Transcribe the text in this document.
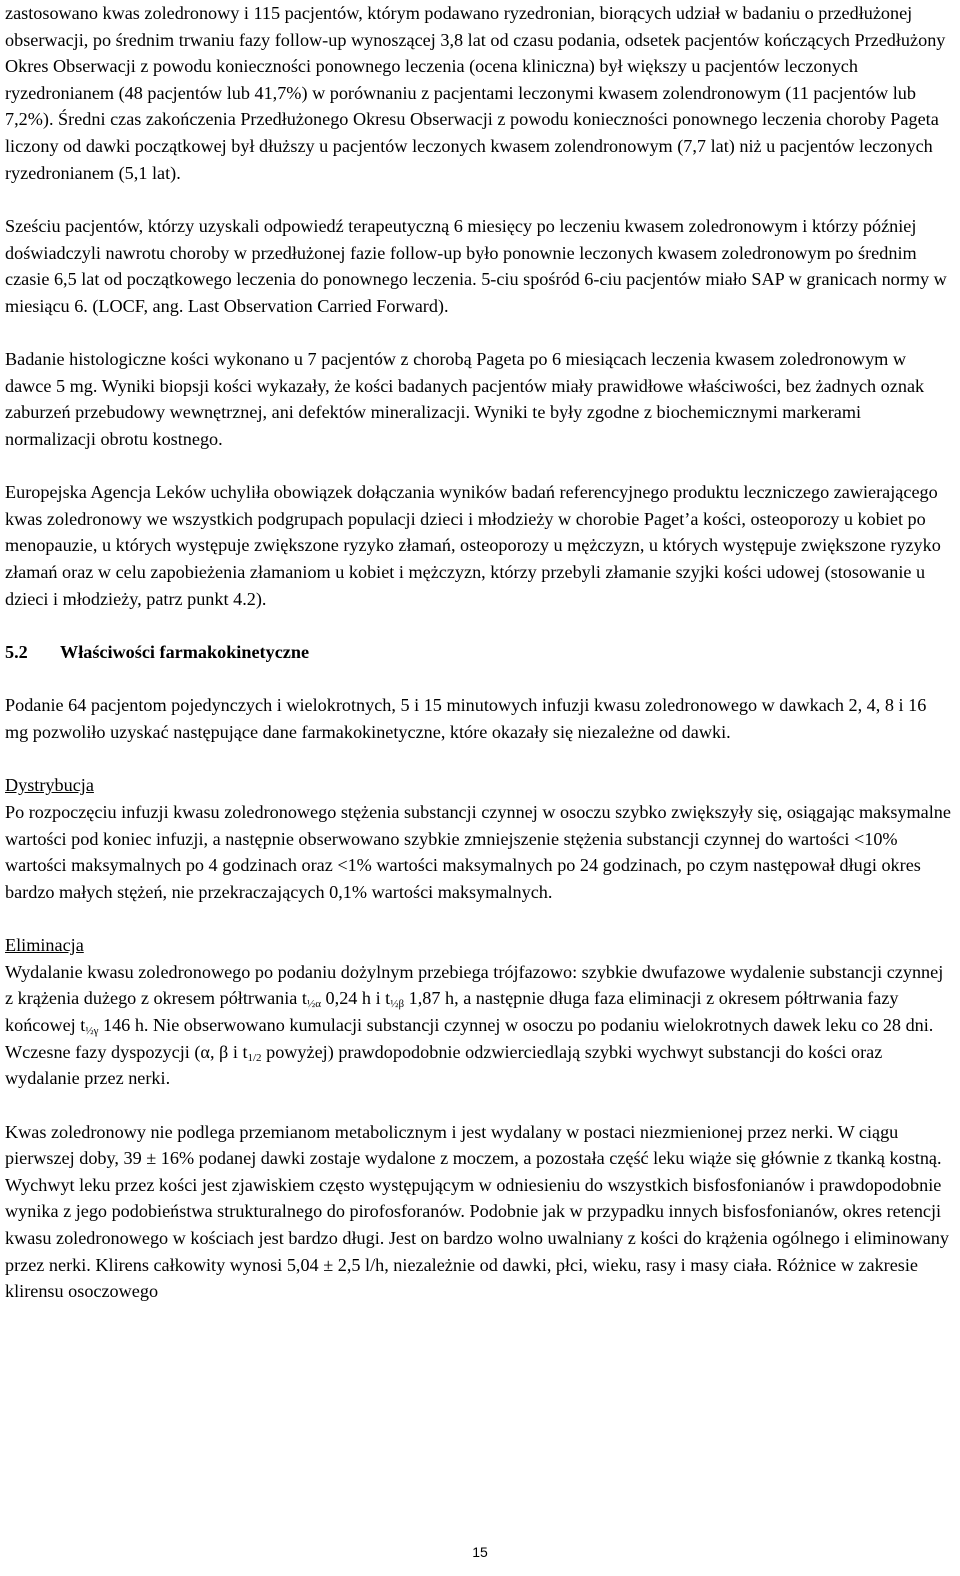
zastosowano kwas zoledronowy i 115 pacjentów, którym podawano ryzedronian, biorących udział w badaniu o przedłużonej obserwacji, po średnim trwaniu fazy follow-up wynoszącej 3,8 lat od czasu podania, odsetek pacjentów kończących Przedłużony Okres Obserwacji z powodu konieczności ponownego leczenia (ocena kliniczna) był większy u pacjentów leczonych ryzedronianem (48 pacjentów lub 41,7%) w porównaniu z pacjentami leczonymi kwasem zolendronowym (11 pacjentów lub 7,2%). Średni czas zakończenia Przedłużonego Okresu Obserwacji z powodu konieczności ponownego leczenia choroby Pageta liczony od dawki początkowej był dłuższy u pacjentów leczonych kwasem zolendronowym (7,7 lat) niż u pacjentów leczonych ryzedronianem (5,1 lat).

Sześciu pacjentów, którzy uzyskali odpowiedź terapeutyczną 6 miesięcy po leczeniu kwasem zoledronowym i którzy później doświadczyli nawrotu choroby w przedłużonej fazie follow-up było ponownie leczonych kwasem zoledronowym po średnim czasie 6,5 lat od początkowego leczenia do ponownego leczenia. 5-ciu spośród 6-ciu pacjentów miało SAP w granicach normy w miesiącu 6. (LOCF, ang. Last Observation Carried Forward).

Badanie histologiczne kości wykonano u 7 pacjentów z chorobą Pageta po 6 miesiącach leczenia kwasem zoledronowym w dawce 5 mg. Wyniki biopsji kości wykazały, że kości badanych pacjentów miały prawidłowe właściwości, bez żadnych oznak zaburzeń przebudowy wewnętrznej, ani defektów mineralizacji. Wyniki te były zgodne z biochemicznymi markerami normalizacji obrotu kostnego.

Europejska Agencja Leków uchyliła obowiązek dołączania wyników badań referencyjnego produktu leczniczego zawierającego kwas zoledronowy we wszystkich podgrupach populacji dzieci i młodzieży w chorobie Paget’a kości, osteoporozy u kobiet po menopauzie, u których występuje zwiększone ryzyko złamań, osteoporozy u mężczyzn, u których występuje zwiększone ryzyko złamań oraz w celu zapobieżenia złamaniom u kobiet i mężczyzn, którzy przebyli złamanie szyjki kości udowej (stosowanie u dzieci i młodzieży, patrz punkt 4.2).

5.2	Właściwości farmakokinetyczne

Podanie 64 pacjentom pojedynczych i wielokrotnych, 5 i 15 minutowych infuzji kwasu zoledronowego w dawkach 2, 4, 8 i 16 mg pozwoliło uzyskać następujące dane farmakokinetyczne, które okazały się niezależne od dawki.

Dystrybucja
Po rozpoczęciu infuzji kwasu zoledronowego stężenia substancji czynnej w osoczu szybko zwiększyły się, osiągając maksymalne wartości pod koniec infuzji, a następnie obserwowano szybkie zmniejszenie stężenia substancji czynnej do wartości <10% wartości maksymalnych po 4 godzinach oraz <1% wartości maksymalnych po 24 godzinach, po czym następował długi okres bardzo małych stężeń, nie przekraczających 0,1% wartości maksymalnych.
Eliminacja
Wydalanie kwasu zoledronowego po podaniu dożylnym przebiega trójfazowo: szybkie dwufazowe wydalenie substancji czynnej z krążenia dużego z okresem półtrwania $t_{\frac{1}{2}\alpha}$ 0,24 h i $t_{\frac{1}{2}\beta}$ 1,87 h, a następnie długa faza eliminacji z okresem półtrwania fazy końcowej $t_{\frac{1}{2}\gamma}$ 146 h. Nie obserwowano kumulacji substancji czynnej w osoczu po podaniu wielokrotnych dawek leku co 28 dni. Wczesne fazy dyspozycji (α, β i $t_{1/2}$ powyżej) prawdopodobnie odzwierciedlają szybki wychwyt substancji do kości oraz wydalanie przez nerki.

Kwas zoledronowy nie podlega przemianom metabolicznym i jest wydalany w postaci niezmienionej przez nerki. W ciągu pierwszej doby, 39 ± 16% podanej dawki zostaje wydalone z moczem, a pozostała część leku wiąże się głównie z tkanką kostną. Wychwyt leku przez kości jest zjawiskiem często występującym w odniesieniu do wszystkich bisfosfonianów i prawdopodobnie wynika z jego podobieństwa strukturalnego do pirofosforanów. Podobnie jak w przypadku innych bisfosfonianów, okres retencji kwasu zoledronowego w kościach jest bardzo długi. Jest on bardzo wolno uwalniany z kości do krążenia ogólnego i eliminowany przez nerki. Klirens całkowity wynosi 5,04 ± 2,5 l/h, niezależnie od dawki, płci, wieku, rasy i masy ciała. Różnice w zakresie klirensu osoczowego

15
